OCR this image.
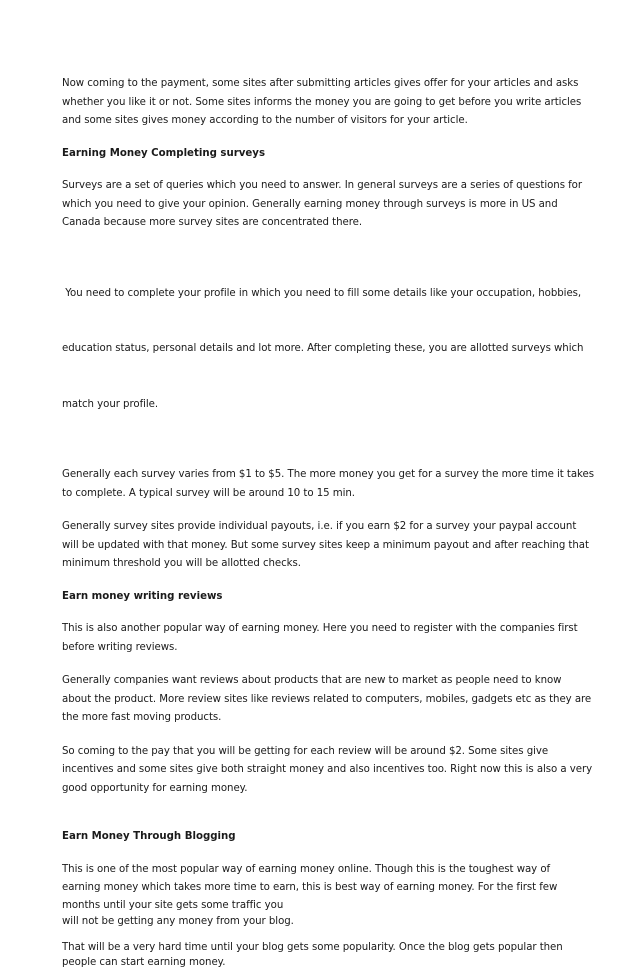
Now coming to the payment, some sites after submitting articles gives offer for your articles and asks
whether you like it or not. Some sites informs the money you are going to get before you write articles
and some sites gives money according to the number of visitors for your article.

Earning Money Completing surveys

Surveys are a set of queries which you need to answer. In general surveys are a series of questions for
which you need to give your opinion. Generally earning money through surveys is more in US and
Canada because more survey sites are concentrated there.

You need to complete your profile in which you need to fill some details like your occupation, hobbies,

education status, personal details and lot more. After completing these, you are allotted surveys which

match your profile.

Generally each survey varies from $1 to $5. The more money you get for a survey the more time it takes
to complete. A typical survey will be around 10 to 15 min.

Generally survey sites provide individual payouts, i.e. if you earn $2 for a survey your paypal account
will be updated with that money. But some survey sites keep a minimum payout and after reaching that
minimum threshold you will be allotted checks.

Earn money writing reviews

This is also another popular way of earning money. Here you need to register with the companies first
before writing reviews.

Generally companies want reviews about products that are new to market as people need to know
about the product. More review sites like reviews related to computers, mobiles, gadgets etc as they are
the more fast moving products.

So coming to the pay that you will be getting for each review will be around $2. Some sites give
incentives and some sites give both straight money and also incentives too. Right now this is also a very
good opportunity for earning money.

Earn Money Through Blogging

This is one of the most popular way of earning money online. Though this is the toughest way of
earning money which takes more time to earn, this is best way of earning money. For the first few
months until your site gets some traffic you
will not be getting any money from your blog.

That will be a very hard time until your blog gets some popularity. Once the blog gets popular then
people can start earning money.
